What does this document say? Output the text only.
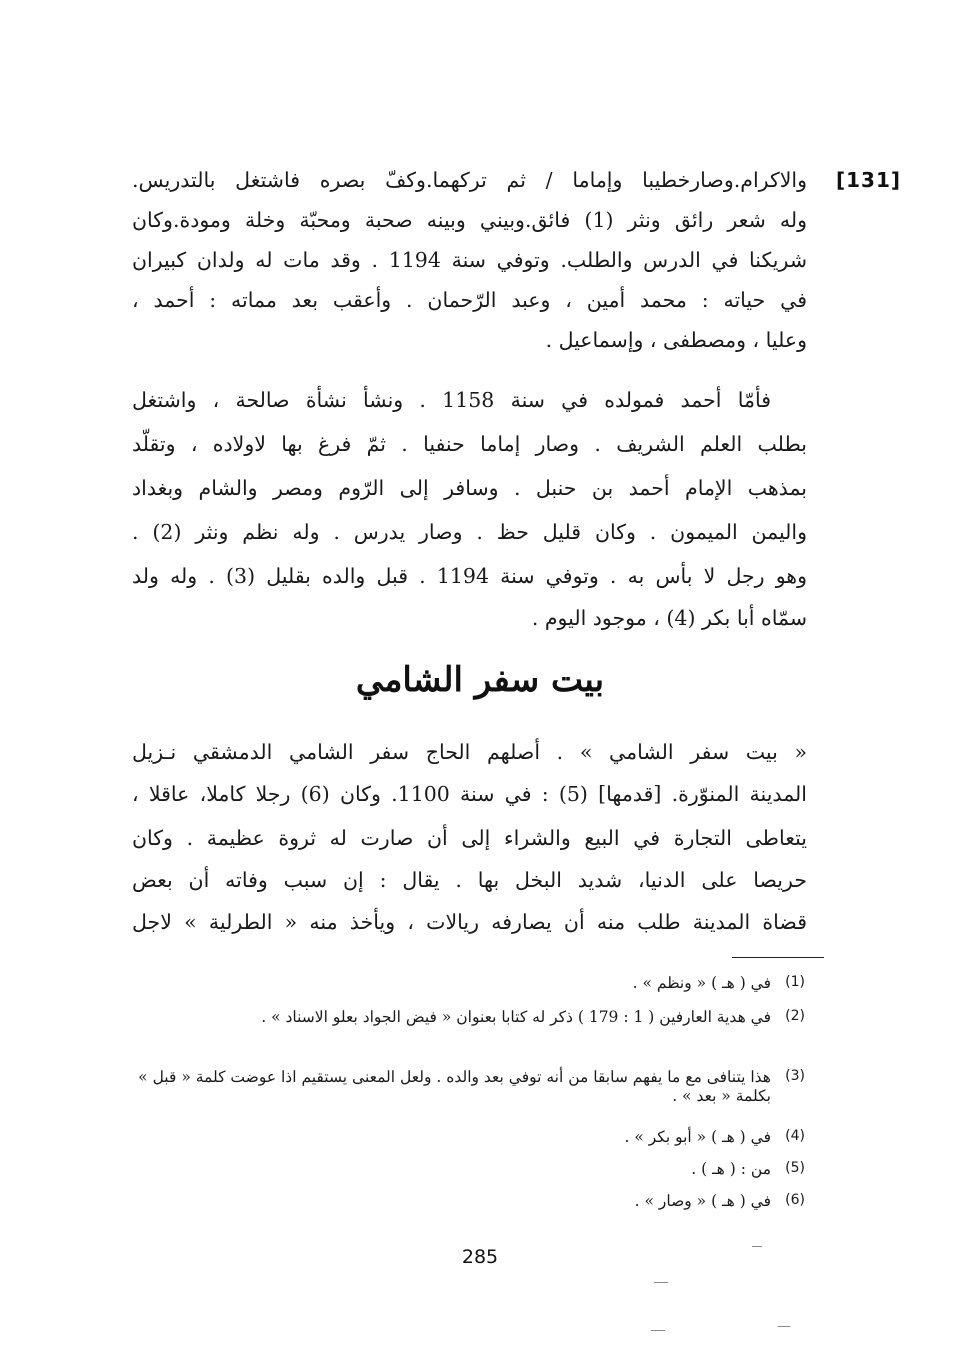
[131]
والاكرام.وصارخطيبا وإماما / ثم تركهما.وكفّ بصره فاشتغل بالتدريس.
وله شعر رائق ونثر (1) فائق.وبيني وبينه صحبة ومحبّة وخلة ومودة.وكان
شريكنا في الدرس والطلب. وتوفي سنة 1194 . وقد مات له ولدان كبيران
في حياته : محمد أمين ، وعبد الرّحمان . وأعقب بعد مماته : أحمد ،
وعليا ، ومصطفى ، وإسماعيل .
فأمّا أحمد فمولده في سنة 1158 . ونشأ نشأة صالحة ، واشتغل
بطلب العلم الشريف . وصار إماما حنفيا . ثمّ فرغ بها لاولاده ، وتقلّد
بمذهب الإمام أحمد بن حنبل . وسافر إلى الرّوم ومصر والشام وبغداد
واليمن الميمون . وكان قليل حظ . وصار يدرس . وله نظم ونثر (2) .
وهو رجل لا بأس به . وتوفي سنة 1194 . قبل والده بقليل (3) . وله ولد
سمّاه أبا بكر (4) ، موجود اليوم .
بيت سفر الشامي
« بيت سفر الشامي » . أصلهم الحاج سفر الشامي الدمشقي نـزيل
المدينة المنوّرة. [قدمها] (5) : في سنة 1100. وكان (6) رجلا كاملا، عاقلا ،
يتعاطى التجارة في البيع والشراء إلى أن صارت له ثروة عظيمة . وكان
حريصا على الدنيا، شديد البخل بها . يقال : إن سبب وفاته أن بعض
قضاة المدينة طلب منه أن يصارفه ريالات ، ويأخذ منه « الطرلية » لاجل
(1)
في ( هـ ) « ونظم » .
(2)
في هدية العارفين ( 1 : 179 ) ذكر له كتابا بعنوان « فيض الجواد بعلو الاسناد » .
(3)
هذا يتنافى مع ما يفهم سابقا من أنه توفي بعد والده . ولعل المعنى يستقيم اذا عوضت كلمة « قبل » بكلمة « بعد » .
(4)
في ( هـ ) « أبو بكر » .
(5)
من : ( هـ ) .
(6)
في ( هـ ) « وصار » .
285
